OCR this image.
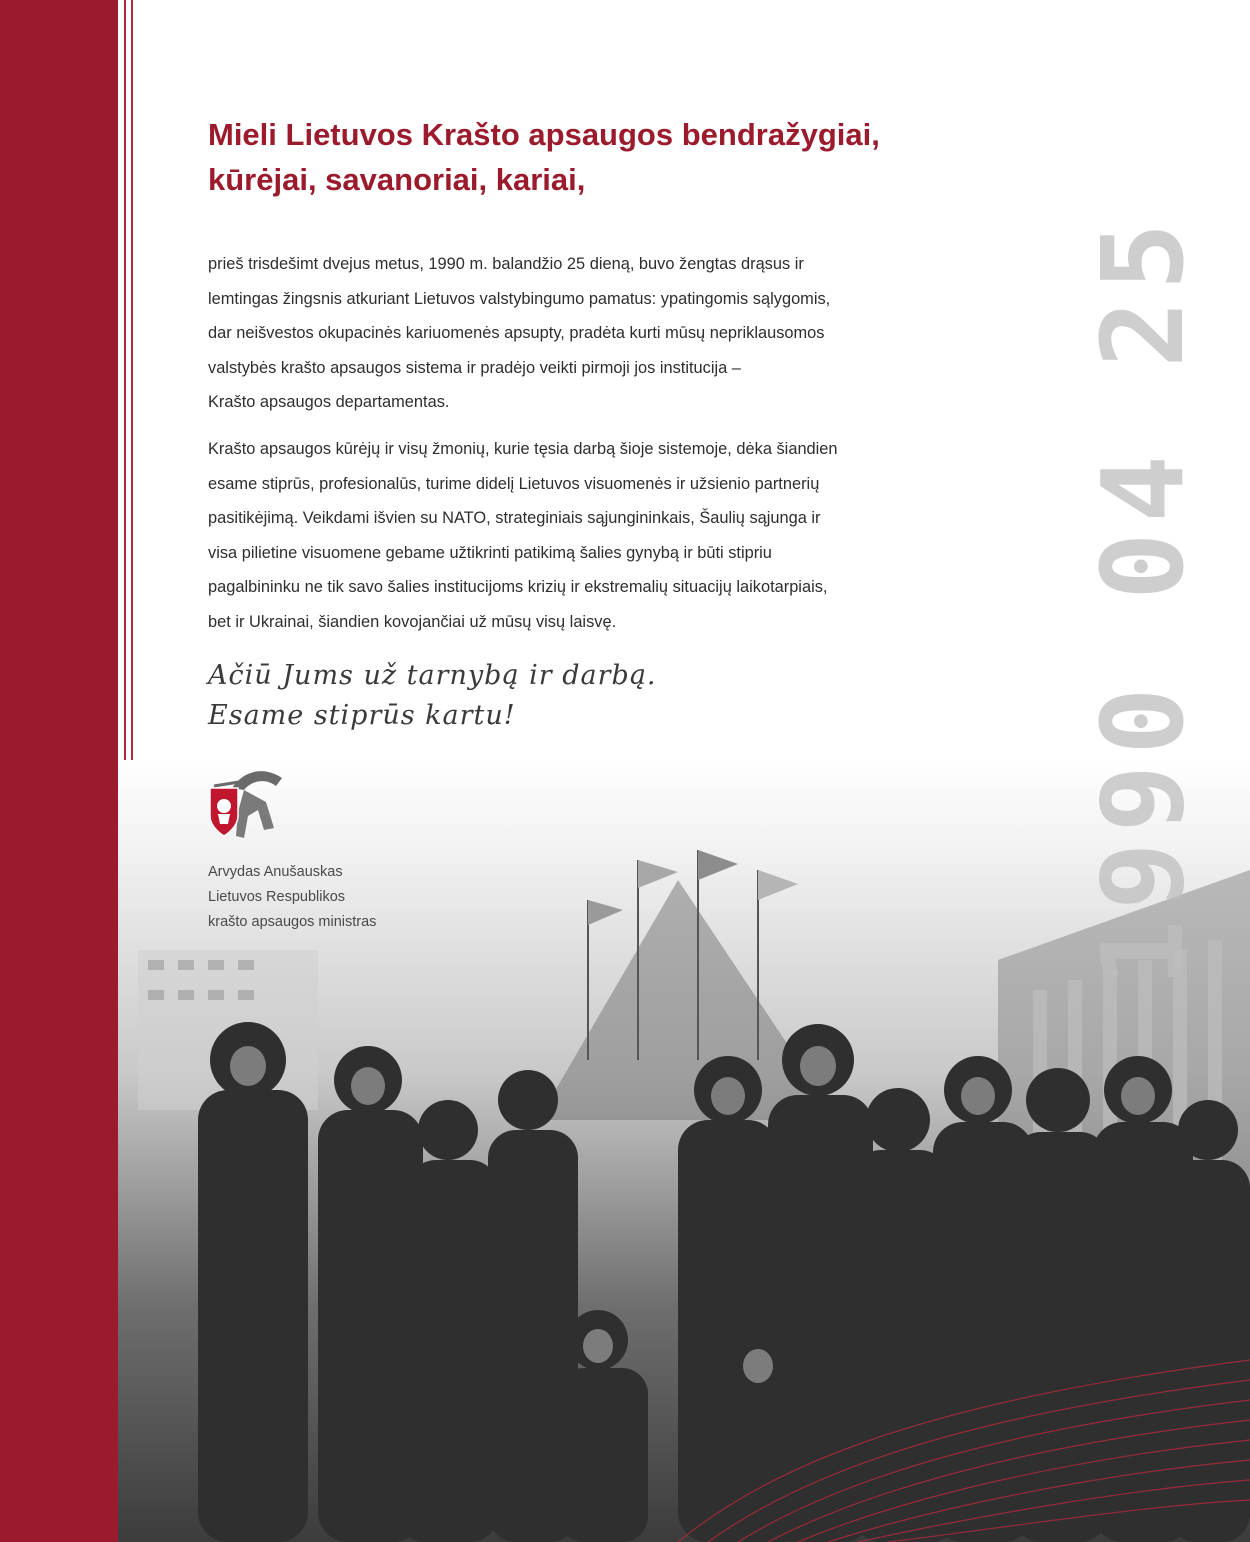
Mieli Lietuvos Krašto apsaugos bendražygiai,
kūrėjai, savanoriai, kariai,

prieš trisdešimt dvejus metus, 1990 m. balandžio 25 dieną, buvo žengtas drąsus ir
lemtingas žingsnis atkuriant Lietuvos valstybingumo pamatus: ypatingomis sąlygomis,
dar neišvestos okupacinės kariuomenės apsupty, pradėta kurti mūsų nepriklausomos
valstybės krašto apsaugos sistema ir pradėjo veikti pirmoji jos institucija –
Krašto apsaugos departamentas.

Krašto apsaugos kūrėjų ir visų žmonių, kurie tęsia darbą šioje sistemoje, dėka šiandien
esame stiprūs, profesionalūs, turime didelį Lietuvos visuomenės ir užsienio partnerių
pasitikėjimą. Veikdami išvien su NATO, strateginiais sąjungininkais, Šaulių sąjunga ir
visa pilietine visuomene gebame užtikrinti patikimą šalies gynybą ir būti stipriu
pagalbininku ne tik savo šalies institucijoms krizių ir ekstremalių situacijų laikotarpiais,
bet ir Ukrainai, šiandien kovojančiai už mūsų visų laisvę.

Ačiū Jums už tarnybą ir darbą.
Esame stiprūs kartu!
Arvydas Anušauskas
Lietuvos Respublikos
krašto apsaugos ministras	1990 04 25
